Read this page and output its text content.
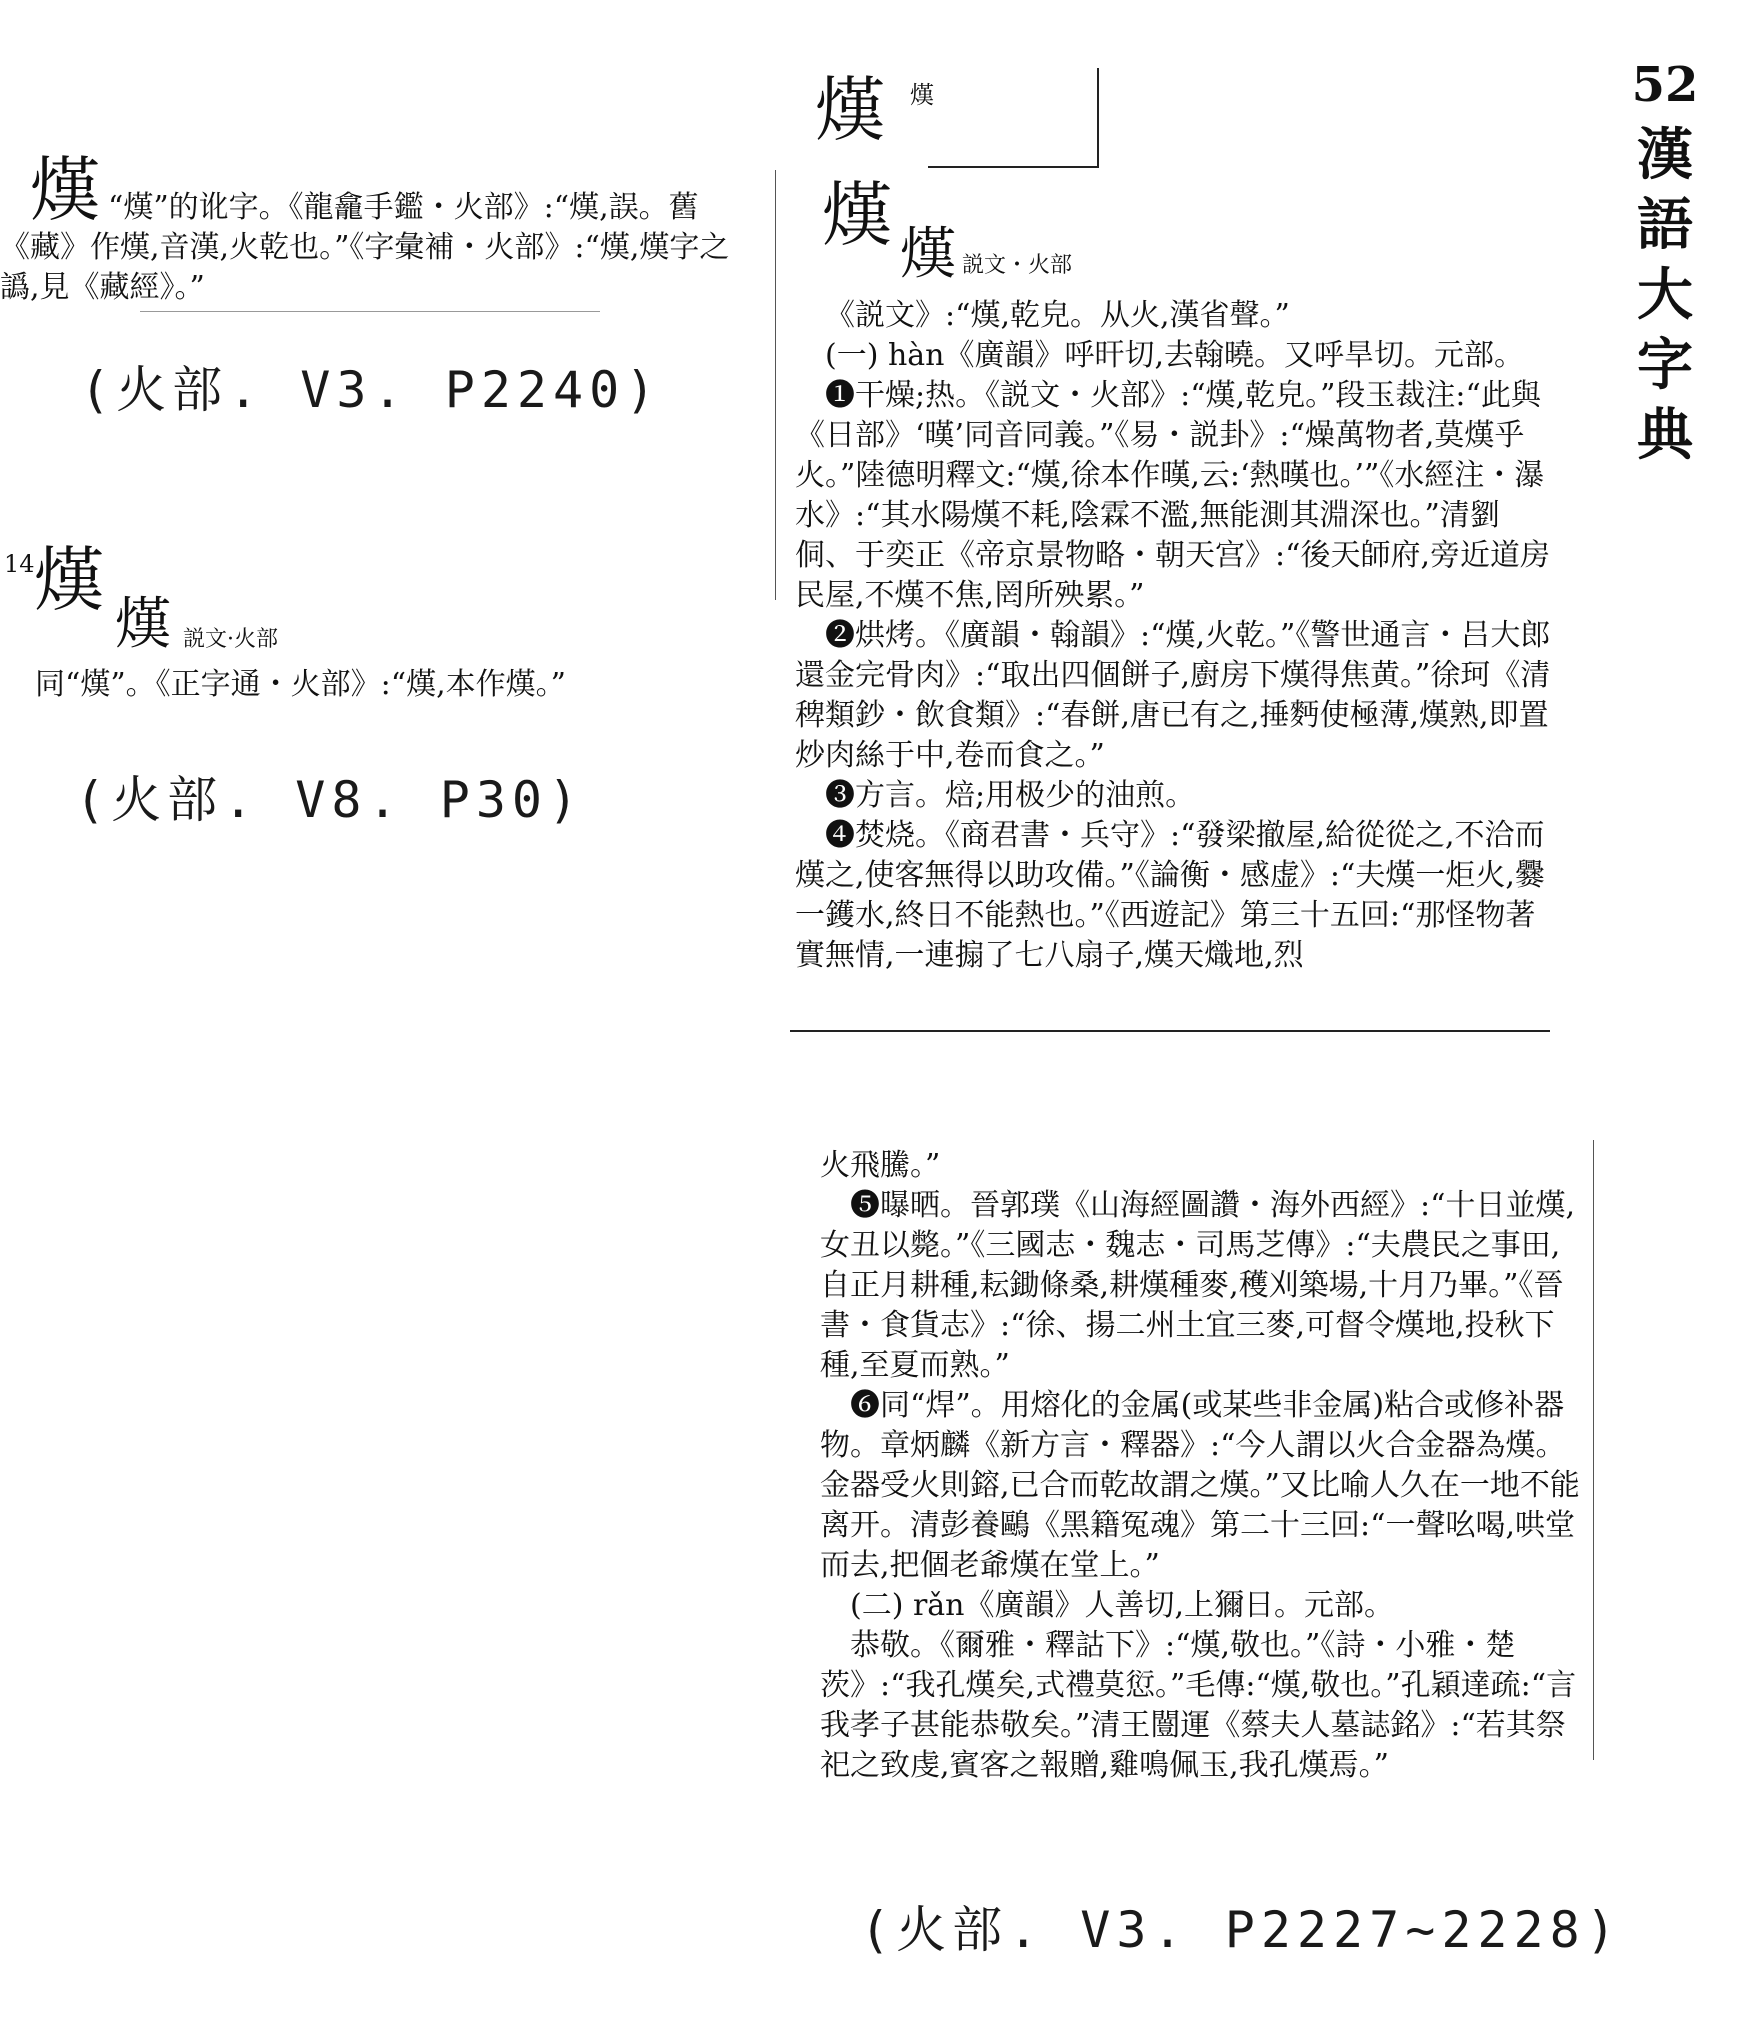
52
漢
語
大
字
典
熯 “熯”的讹字。《龍龕手鑑・火部》:“熯,誤。舊《藏》作熯,音漢,火乾也。”《字彙補・火部》:“熯,熯字之譌,見《藏經》。”

(火部. V3. P2240)
14 熯
熯 説文·火部

同“熯”。《正字通・火部》:“熯,本作熯。”

(火部. V8. P30)
熯 熯
熯 熯 説文・火部

《説文》:“熯,乾皃。从火,漢省聲。”

(一) hàn《廣韻》呼旰切,去翰曉。又呼旱切。元部。

❶干燥;热。《説文・火部》:“熯,乾皃。”段玉裁注:“此與《日部》‘暵’同音同義。”《易・説卦》:“燥萬物者,莫熯乎火。”陸德明釋文:“熯,徐本作暵,云:‘熱暵也。’”《水經注・瀑水》:“其水陽熯不耗,陰霖不濫,無能測其淵深也。”清劉侗、于奕正《帝京景物略・朝天宫》:“後天師府,旁近道房民屋,不熯不焦,罔所殃累。”

❷烘烤。《廣韻・翰韻》:“熯,火乾。”《警世通言・吕大郎還金完骨肉》:“取出四個餅子,廚房下熯得焦黄。”徐珂《清稗類鈔・飲食類》:“春餅,唐已有之,捶麪使極薄,熯熟,即置炒肉絲于中,卷而食之。”

❸方言。焙;用极少的油煎。

❹焚烧。《商君書・兵守》:“發梁撤屋,給從從之,不洽而熯之,使客無得以助攻備。”《論衡・感虚》:“夫熯一炬火,爨一鑊水,終日不能熱也。”《西遊記》第三十五回:“那怪物著實無情,一連搧了七八扇子,熯天熾地,烈

火飛騰。”

❺曝晒。晉郭璞《山海經圖讚・海外西經》:“十日並熯,女丑以斃。”《三國志・魏志・司馬芝傳》:“夫農民之事田,自正月耕種,耘鋤條桑,耕熯種麥,穫刈築場,十月乃畢。”《晉書・食貨志》:“徐、揚二州土宜三麥,可督令熯地,投秋下種,至夏而熟。”

❻同“焊”。用熔化的金属(或某些非金属)粘合或修补器物。章炳麟《新方言・釋器》:“今人謂以火合金器為熯。金器受火則鎔,已合而乾故謂之熯。”又比喻人久在一地不能离开。清彭養鷗《黑籍冤魂》第二十三回:“一聲吆喝,哄堂而去,把個老爺熯在堂上。”

(二) rǎn《廣韻》人善切,上獮日。元部。

恭敬。《爾雅・釋詁下》:“熯,敬也。”《詩・小雅・楚茨》:“我孔熯矣,式禮莫愆。”毛傳:“熯,敬也。”孔穎達疏:“言我孝子甚能恭敬矣。”清王闓運《蔡夫人墓誌銘》:“若其祭祀之致虔,賓客之報贈,雞鳴佩玉,我孔熯焉。”

(火部. V3. P2227~2228)
